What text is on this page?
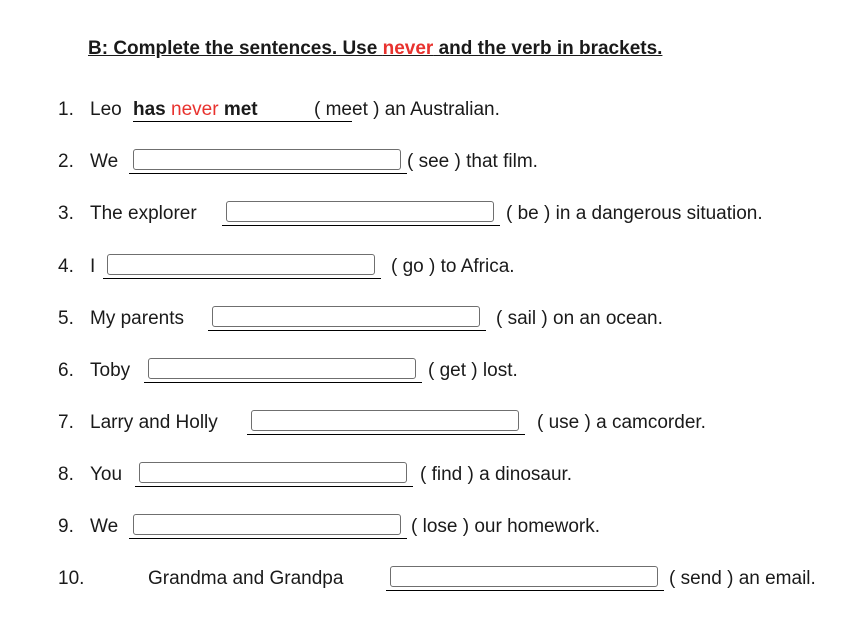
B: Complete the sentences. Use never and the verb in brackets.
1. Leo has never met	( meet ) an Australian.
2. We	( see ) that film.
3. The explorer	( be ) in a dangerous situation.
4. I	( go ) to Africa.
5. My parents	( sail ) on an ocean.
6. Toby	( get ) lost.
7. Larry and Holly	( use ) a camcorder.
8. You	( find ) a dinosaur.
9. We	( lose ) our homework.
10.	Grandma and Grandpa	( send ) an email.
